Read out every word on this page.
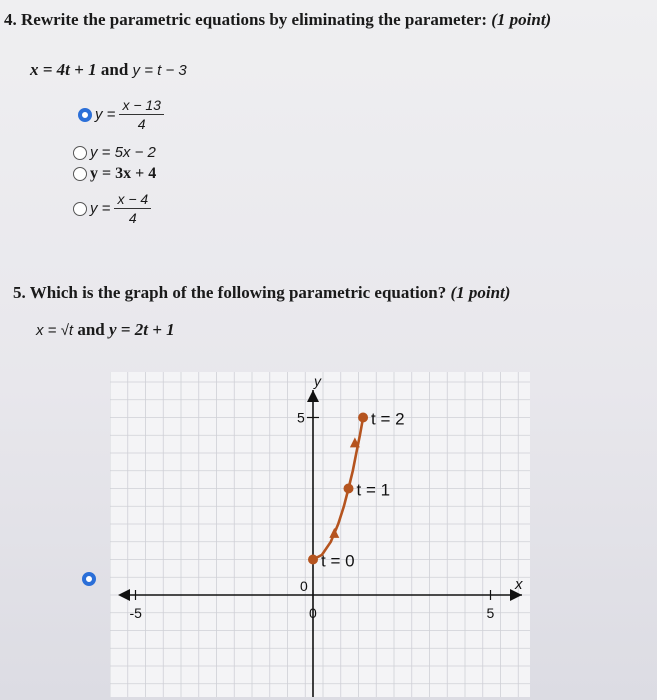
4. Rewrite the parametric equations by eliminating the parameter: (1 point)
x = 4t + 1 and y = t − 3
$y = \frac{x - 13}{4}$
y = 5x − 2
y = 3x + 4
$y = \frac{x - 4}{4}$
5. Which is the graph of the following parametric equation? (1 point)
x = √t and y = 2t + 1
t = 0
t = 1
t = 2
x
y
-5	5
0
0
5
